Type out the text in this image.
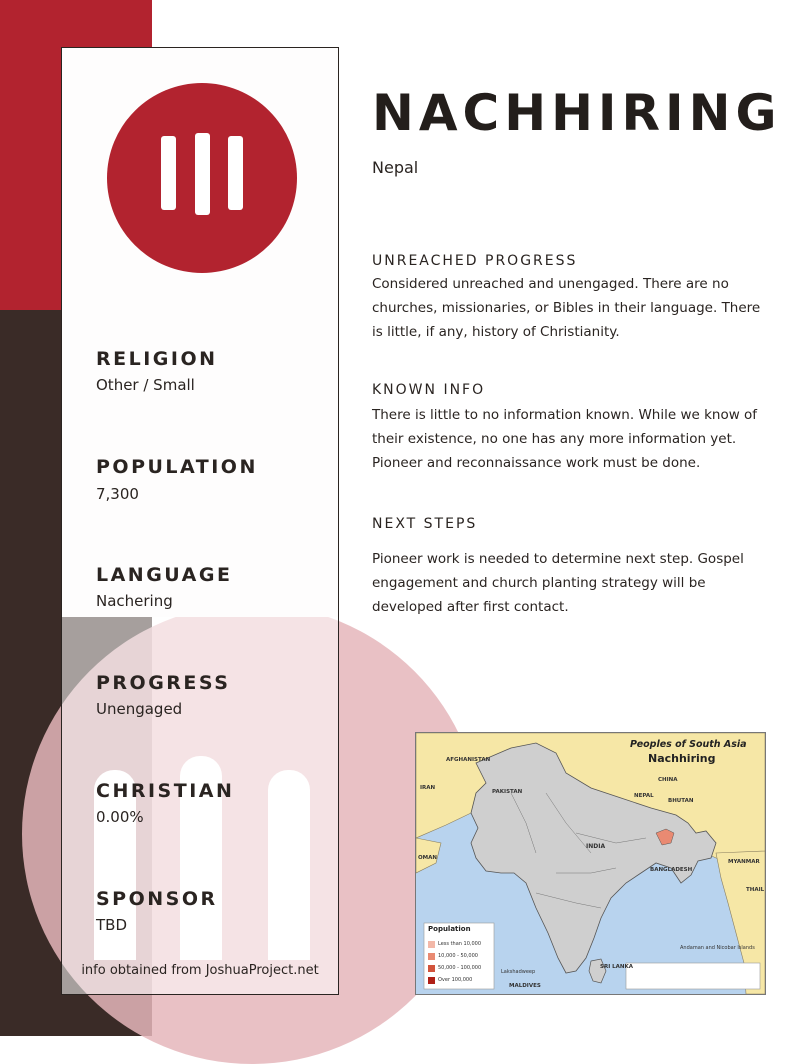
RELIGION
Other / Small
POPULATION
7,300
LANGUAGE
Nachering
PROGRESS
Unengaged
CHRISTIAN
0.00%
SPONSOR
TBD
info obtained from JoshuaProject.net
NACHHIRING
Nepal
UNREACHED PROGRESS
Considered unreached and unengaged. There are no churches, missionaries, or Bibles in their language. There is little, if any, history of Christianity.
KNOWN INFO
There is little to no information known. While we know of their existence, no one has any more information yet. Pioneer and reconnaissance work must be done.
NEXT STEPS
Pioneer work is needed to determine next step. Gospel engagement and church planting strategy will be developed after first contact.
Peoples of South Asia
Nachhiring
AFGHANISTAN
PAKISTAN
IRAN
CHINA
NEPAL
BHUTAN
INDIA
BANGLADESH
MYANMAR
OMAN
THAIL
SRI LANKA
MALDIVES
Lakshadweep
Andaman and Nicobar Islands
Population
Less than 10,000
10,000 - 50,000
50,000 - 100,000
Over 100,000
